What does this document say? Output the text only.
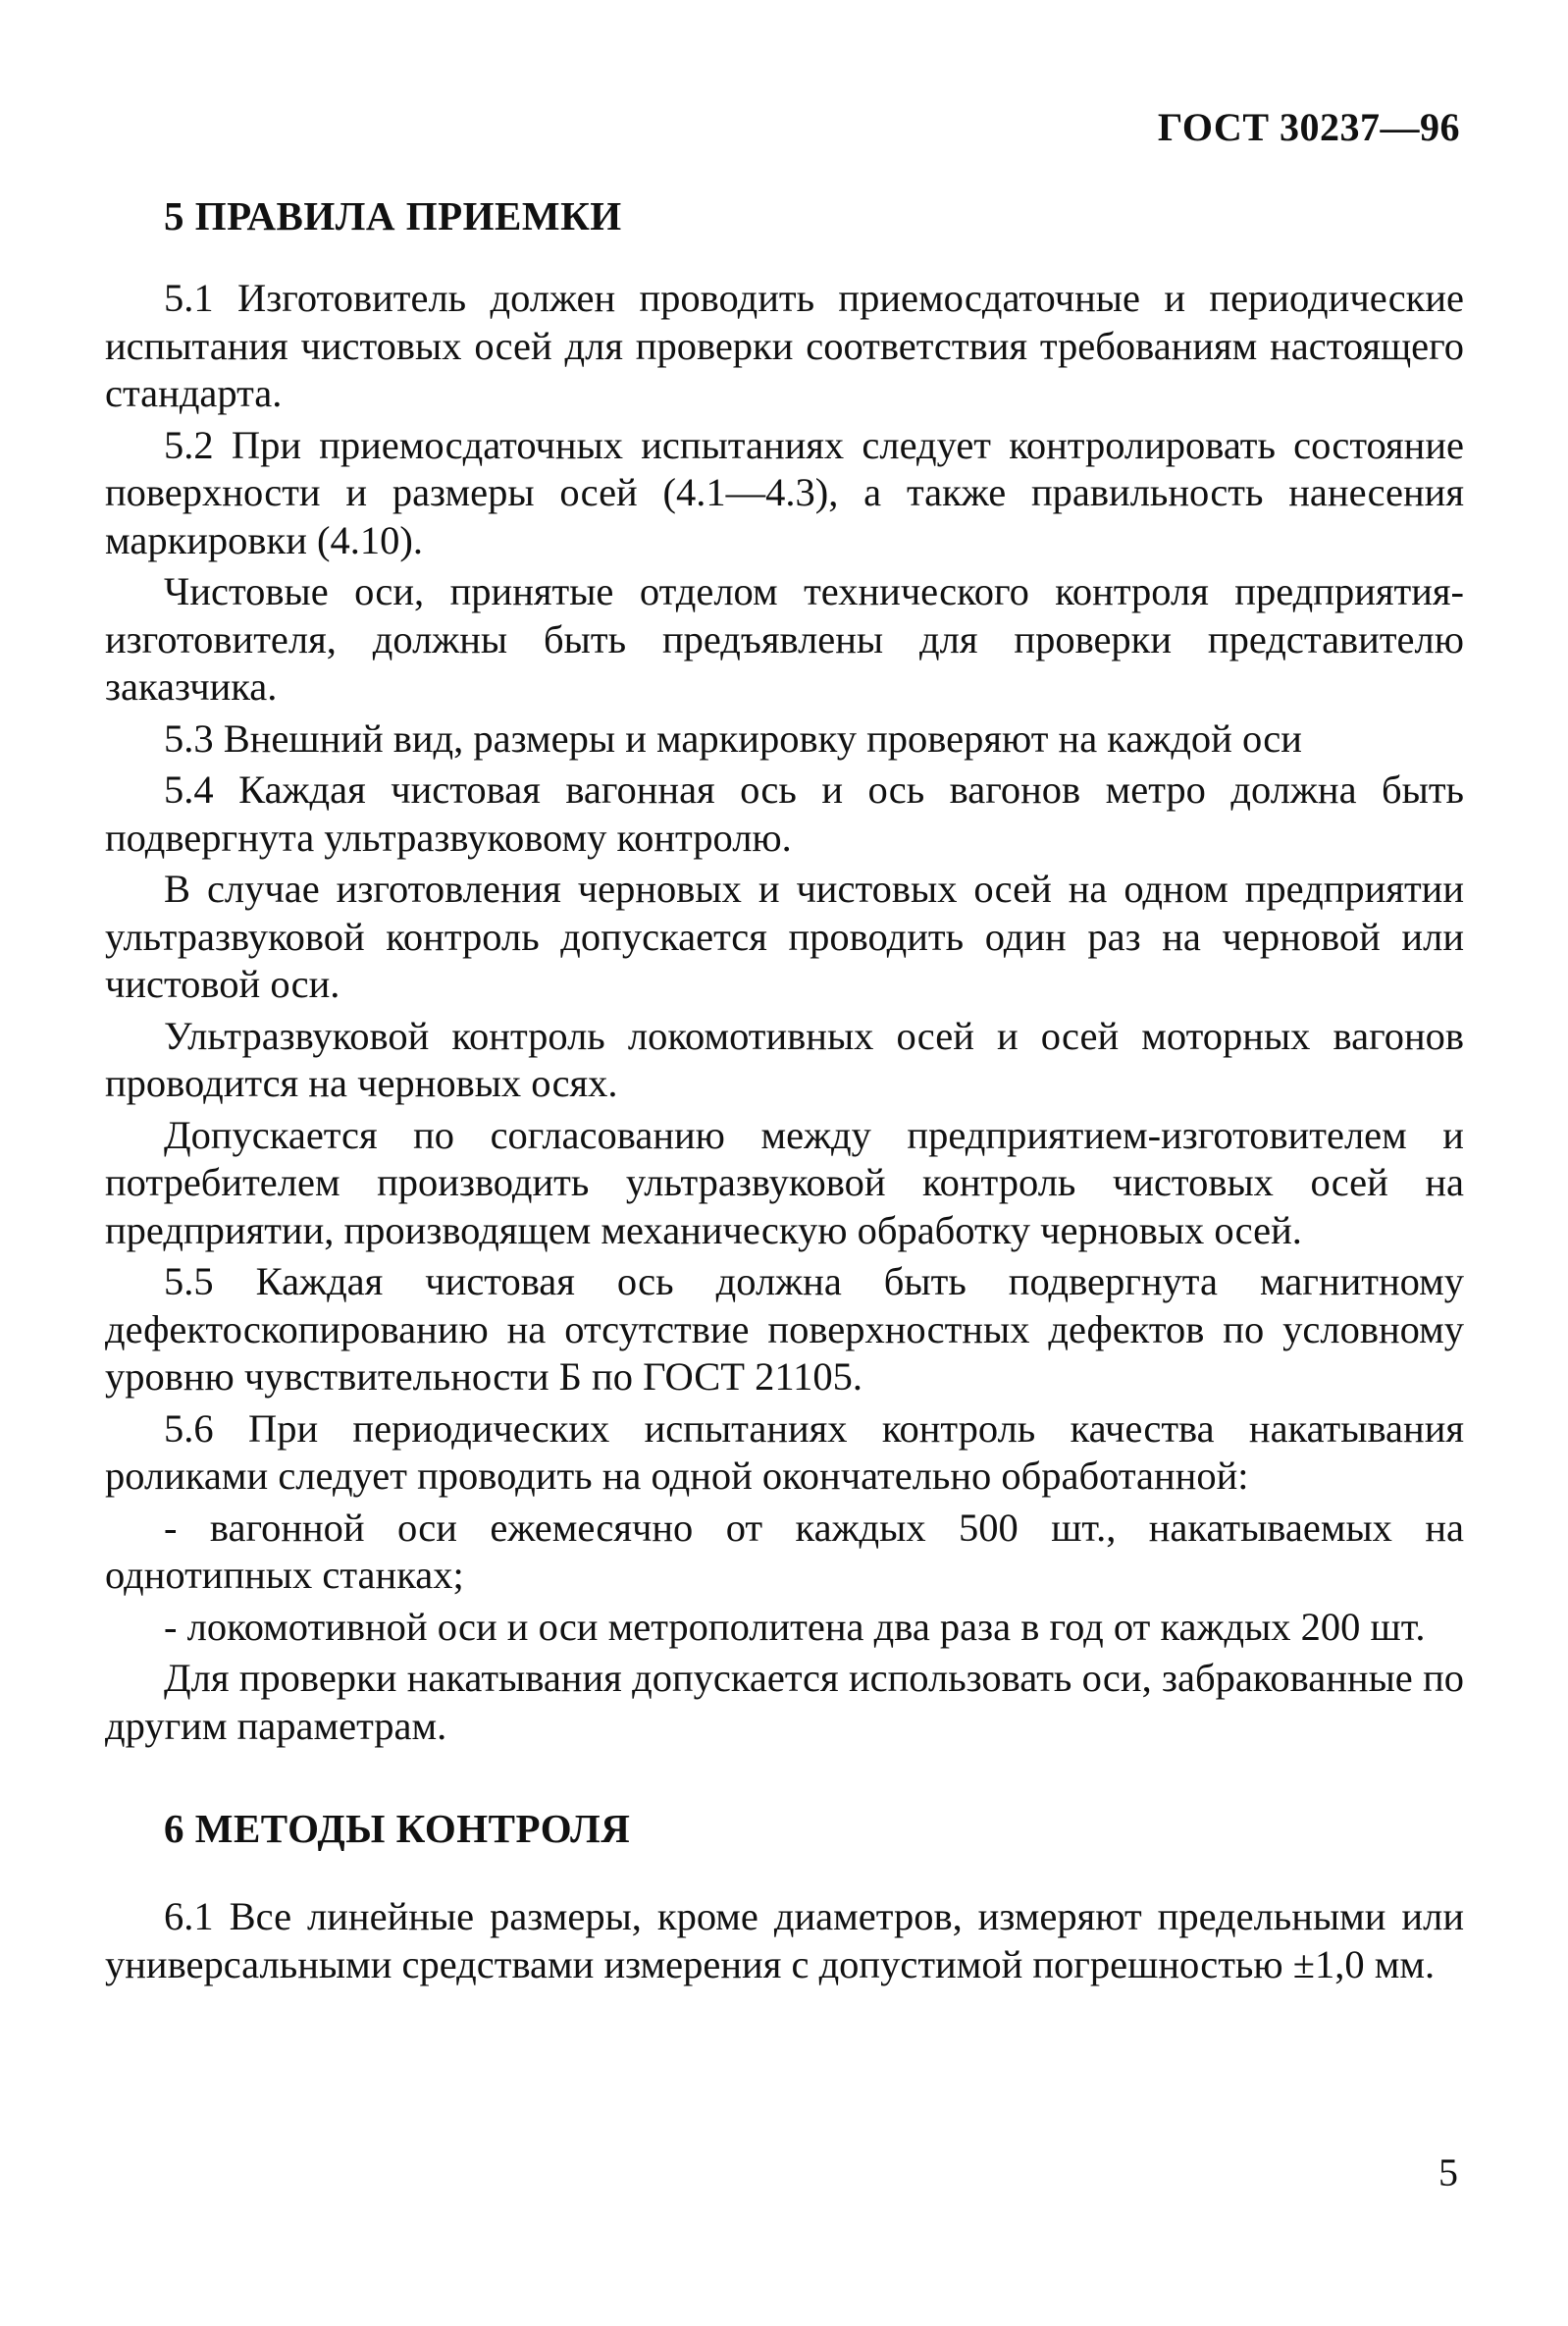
ГОСТ 30237—96
5 ПРАВИЛА ПРИЕМКИ

5.1 Изготовитель должен проводить приемосдаточные и периодические испытания чистовых осей для проверки соответствия требованиям настоящего стандарта.

5.2 При приемосдаточных испытаниях следует контролировать состояние поверхности и размеры осей (4.1—4.3), а также правильность нанесения маркировки (4.10).

Чистовые оси, принятые отделом технического контроля предприятия-изготовителя, должны быть предъявлены для проверки представителю заказчика.

5.3 Внешний вид, размеры и маркировку проверяют на каждой оси

5.4 Каждая чистовая вагонная ось и ось вагонов метро должна быть подвергнута ультразвуковому контролю.

В случае изготовления черновых и чистовых осей на одном предприятии ультразвуковой контроль допускается проводить один раз на черновой или чистовой оси.

Ультразвуковой контроль локомотивных осей и осей моторных вагонов проводится на черновых осях.

Допускается по согласованию между предприятием-изготовителем и потребителем производить ультразвуковой контроль чистовых осей на предприятии, производящем механическую обработку черновых осей.

5.5 Каждая чистовая ось должна быть подвергнута магнитному дефектоскопированию на отсутствие поверхностных дефектов по условному уровню чувствительности Б по ГОСТ 21105.

5.6 При периодических испытаниях контроль качества накатывания роликами следует проводить на одной окончательно обработанной:

- вагонной оси ежемесячно от каждых 500 шт., накатываемых на однотипных станках;

- локомотивной оси и оси метрополитена два раза в год от каждых 200 шт.

Для проверки накатывания допускается использовать оси, забракованные по другим параметрам.

6 МЕТОДЫ КОНТРОЛЯ

6.1 Все линейные размеры, кроме диаметров, измеряют предельными или универсальными средствами измерения с допустимой погрешностью ±1,0 мм.

5
